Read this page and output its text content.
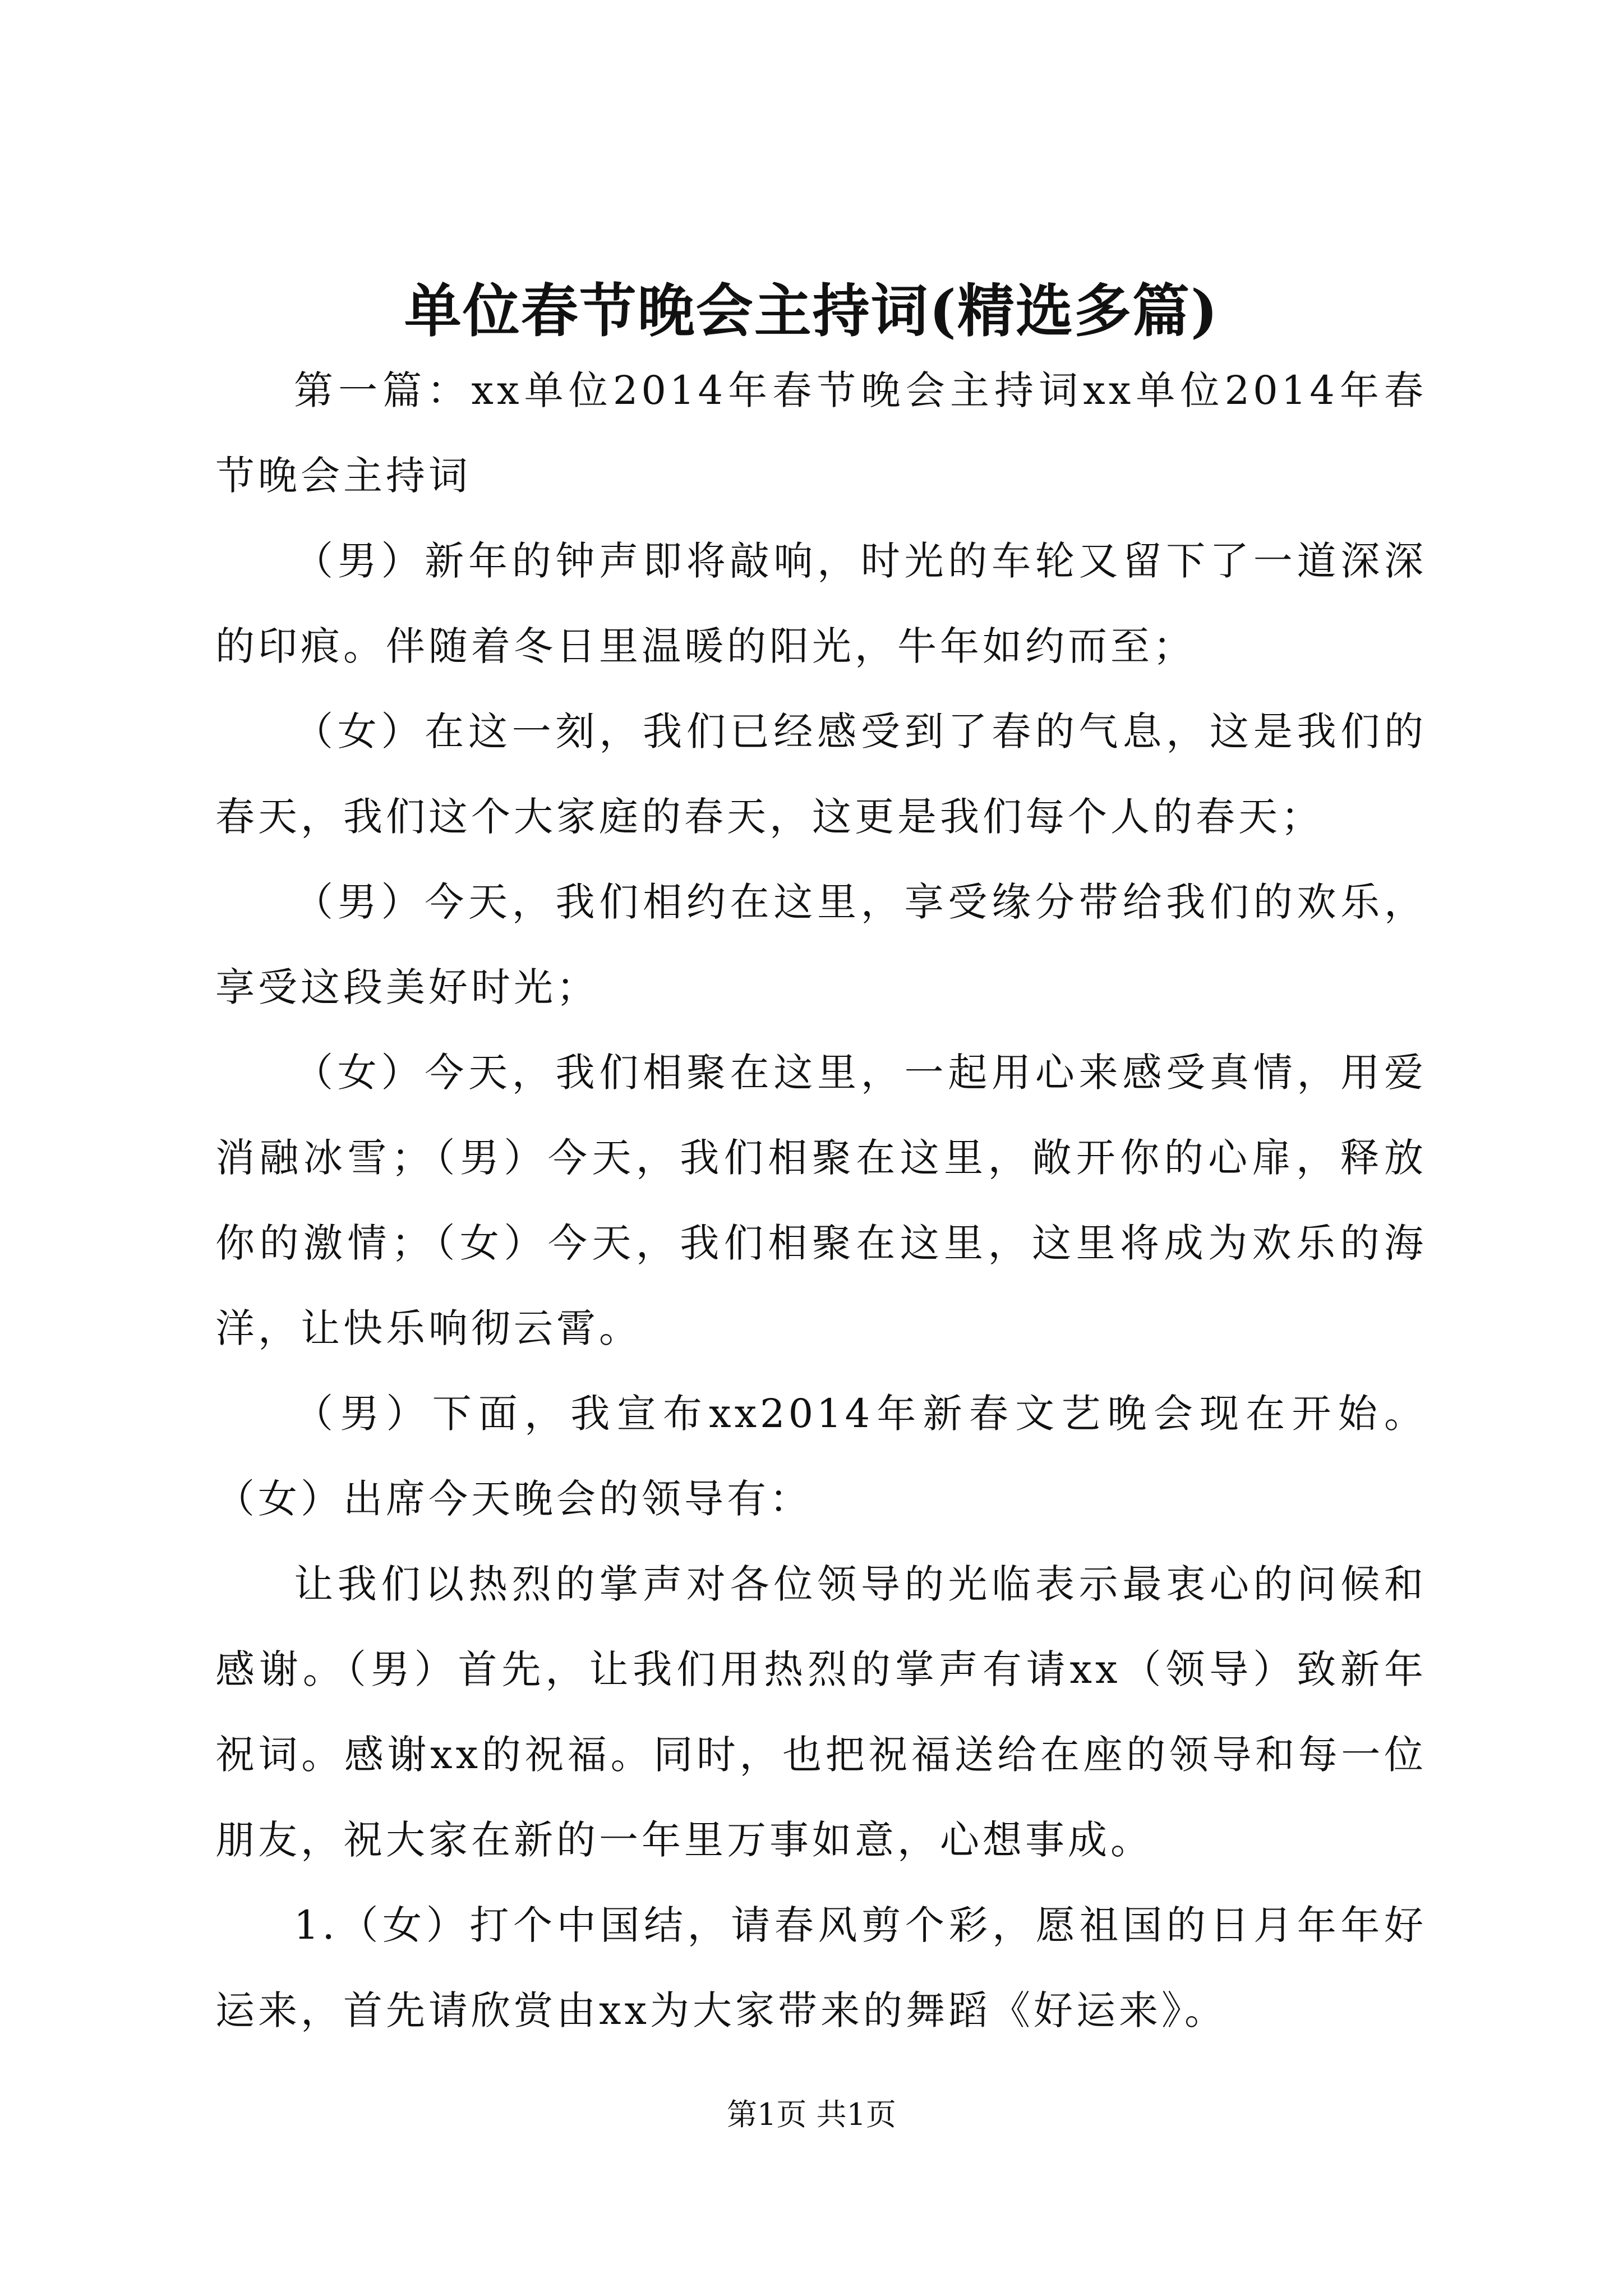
单位春节晚会主持词(精选多篇)

第一篇：xx单位2014年春节晚会主持词xx单位2014年春节晚会主持词

（男）新年的钟声即将敲响，时光的车轮又留下了一道深深的印痕。伴随着冬日里温暖的阳光，牛年如约而至；

（女）在这一刻，我们已经感受到了春的气息，这是我们的春天，我们这个大家庭的春天，这更是我们每个人的春天；

（男）今天，我们相约在这里，享受缘分带给我们的欢乐，享受这段美好时光；

（女）今天，我们相聚在这里，一起用心来感受真情，用爱消融冰雪；（男）今天，我们相聚在这里，敞开你的心扉，释放你的激情；（女）今天，我们相聚在这里，这里将成为欢乐的海洋，让快乐响彻云霄。

（男）下面，我宣布xx2014年新春文艺晚会现在开始。（女）出席今天晚会的领导有：

让我们以热烈的掌声对各位领导的光临表示最衷心的问候和感谢。（男）首先，让我们用热烈的掌声有请xx（领导）致新年祝词。感谢xx的祝福。同时，也把祝福送给在座的领导和每一位朋友，祝大家在新的一年里万事如意，心想事成。

1.（女）打个中国结，请春风剪个彩，愿祖国的日月年年好运来，首先请欣赏由xx为大家带来的舞蹈《好运来》。

第1页 共1页
